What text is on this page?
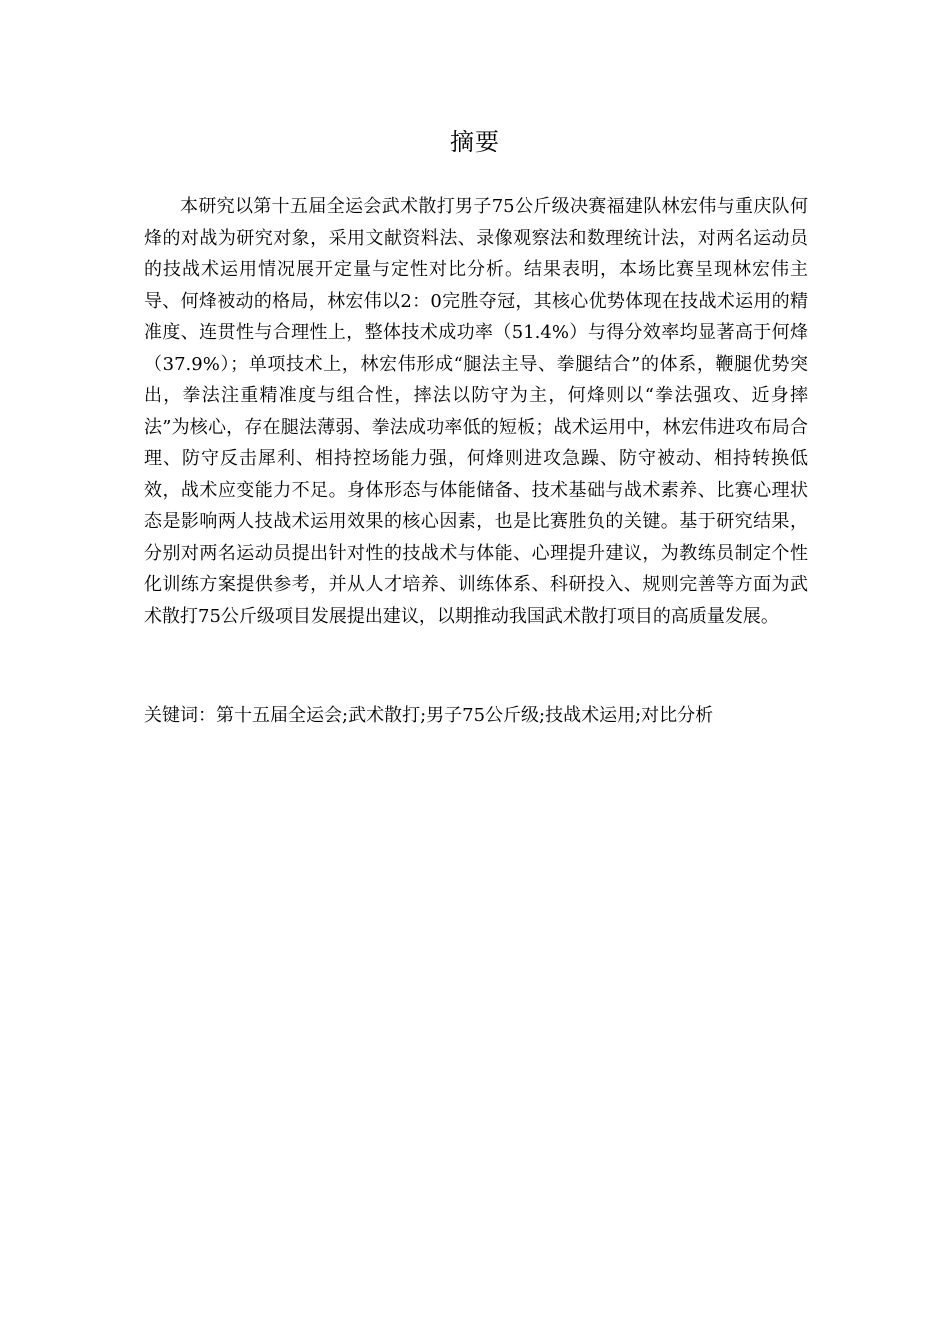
摘要

本研究以第十五届全运会武术散打男子75公斤级决赛福建队林宏伟与重庆队何烽的对战为研究对象，采用文献资料法、录像观察法和数理统计法，对两名运动员的技战术运用情况展开定量与定性对比分析。结果表明，本场比赛呈现林宏伟主导、何烽被动的格局，林宏伟以2：0完胜夺冠，其核心优势体现在技战术运用的精准度、连贯性与合理性上，整体技术成功率（51.4%）与得分效率均显著高于何烽（37.9%）；单项技术上，林宏伟形成“腿法主导、拳腿结合”的体系，鞭腿优势突出，拳法注重精准度与组合性，摔法以防守为主，何烽则以“拳法强攻、近身摔法”为核心，存在腿法薄弱、拳法成功率低的短板；战术运用中，林宏伟进攻布局合理、防守反击犀利、相持控场能力强，何烽则进攻急躁、防守被动、相持转换低效，战术应变能力不足。身体形态与体能储备、技术基础与战术素养、比赛心理状态是影响两人技战术运用效果的核心因素，也是比赛胜负的关键。基于研究结果，分别对两名运动员提出针对性的技战术与体能、心理提升建议，为教练员制定个性化训练方案提供参考，并从人才培养、训练体系、科研投入、规则完善等方面为武术散打75公斤级项目发展提出建议，以期推动我国武术散打项目的高质量发展。

关键词：第十五届全运会;武术散打;男子75公斤级;技战术运用;对比分析
